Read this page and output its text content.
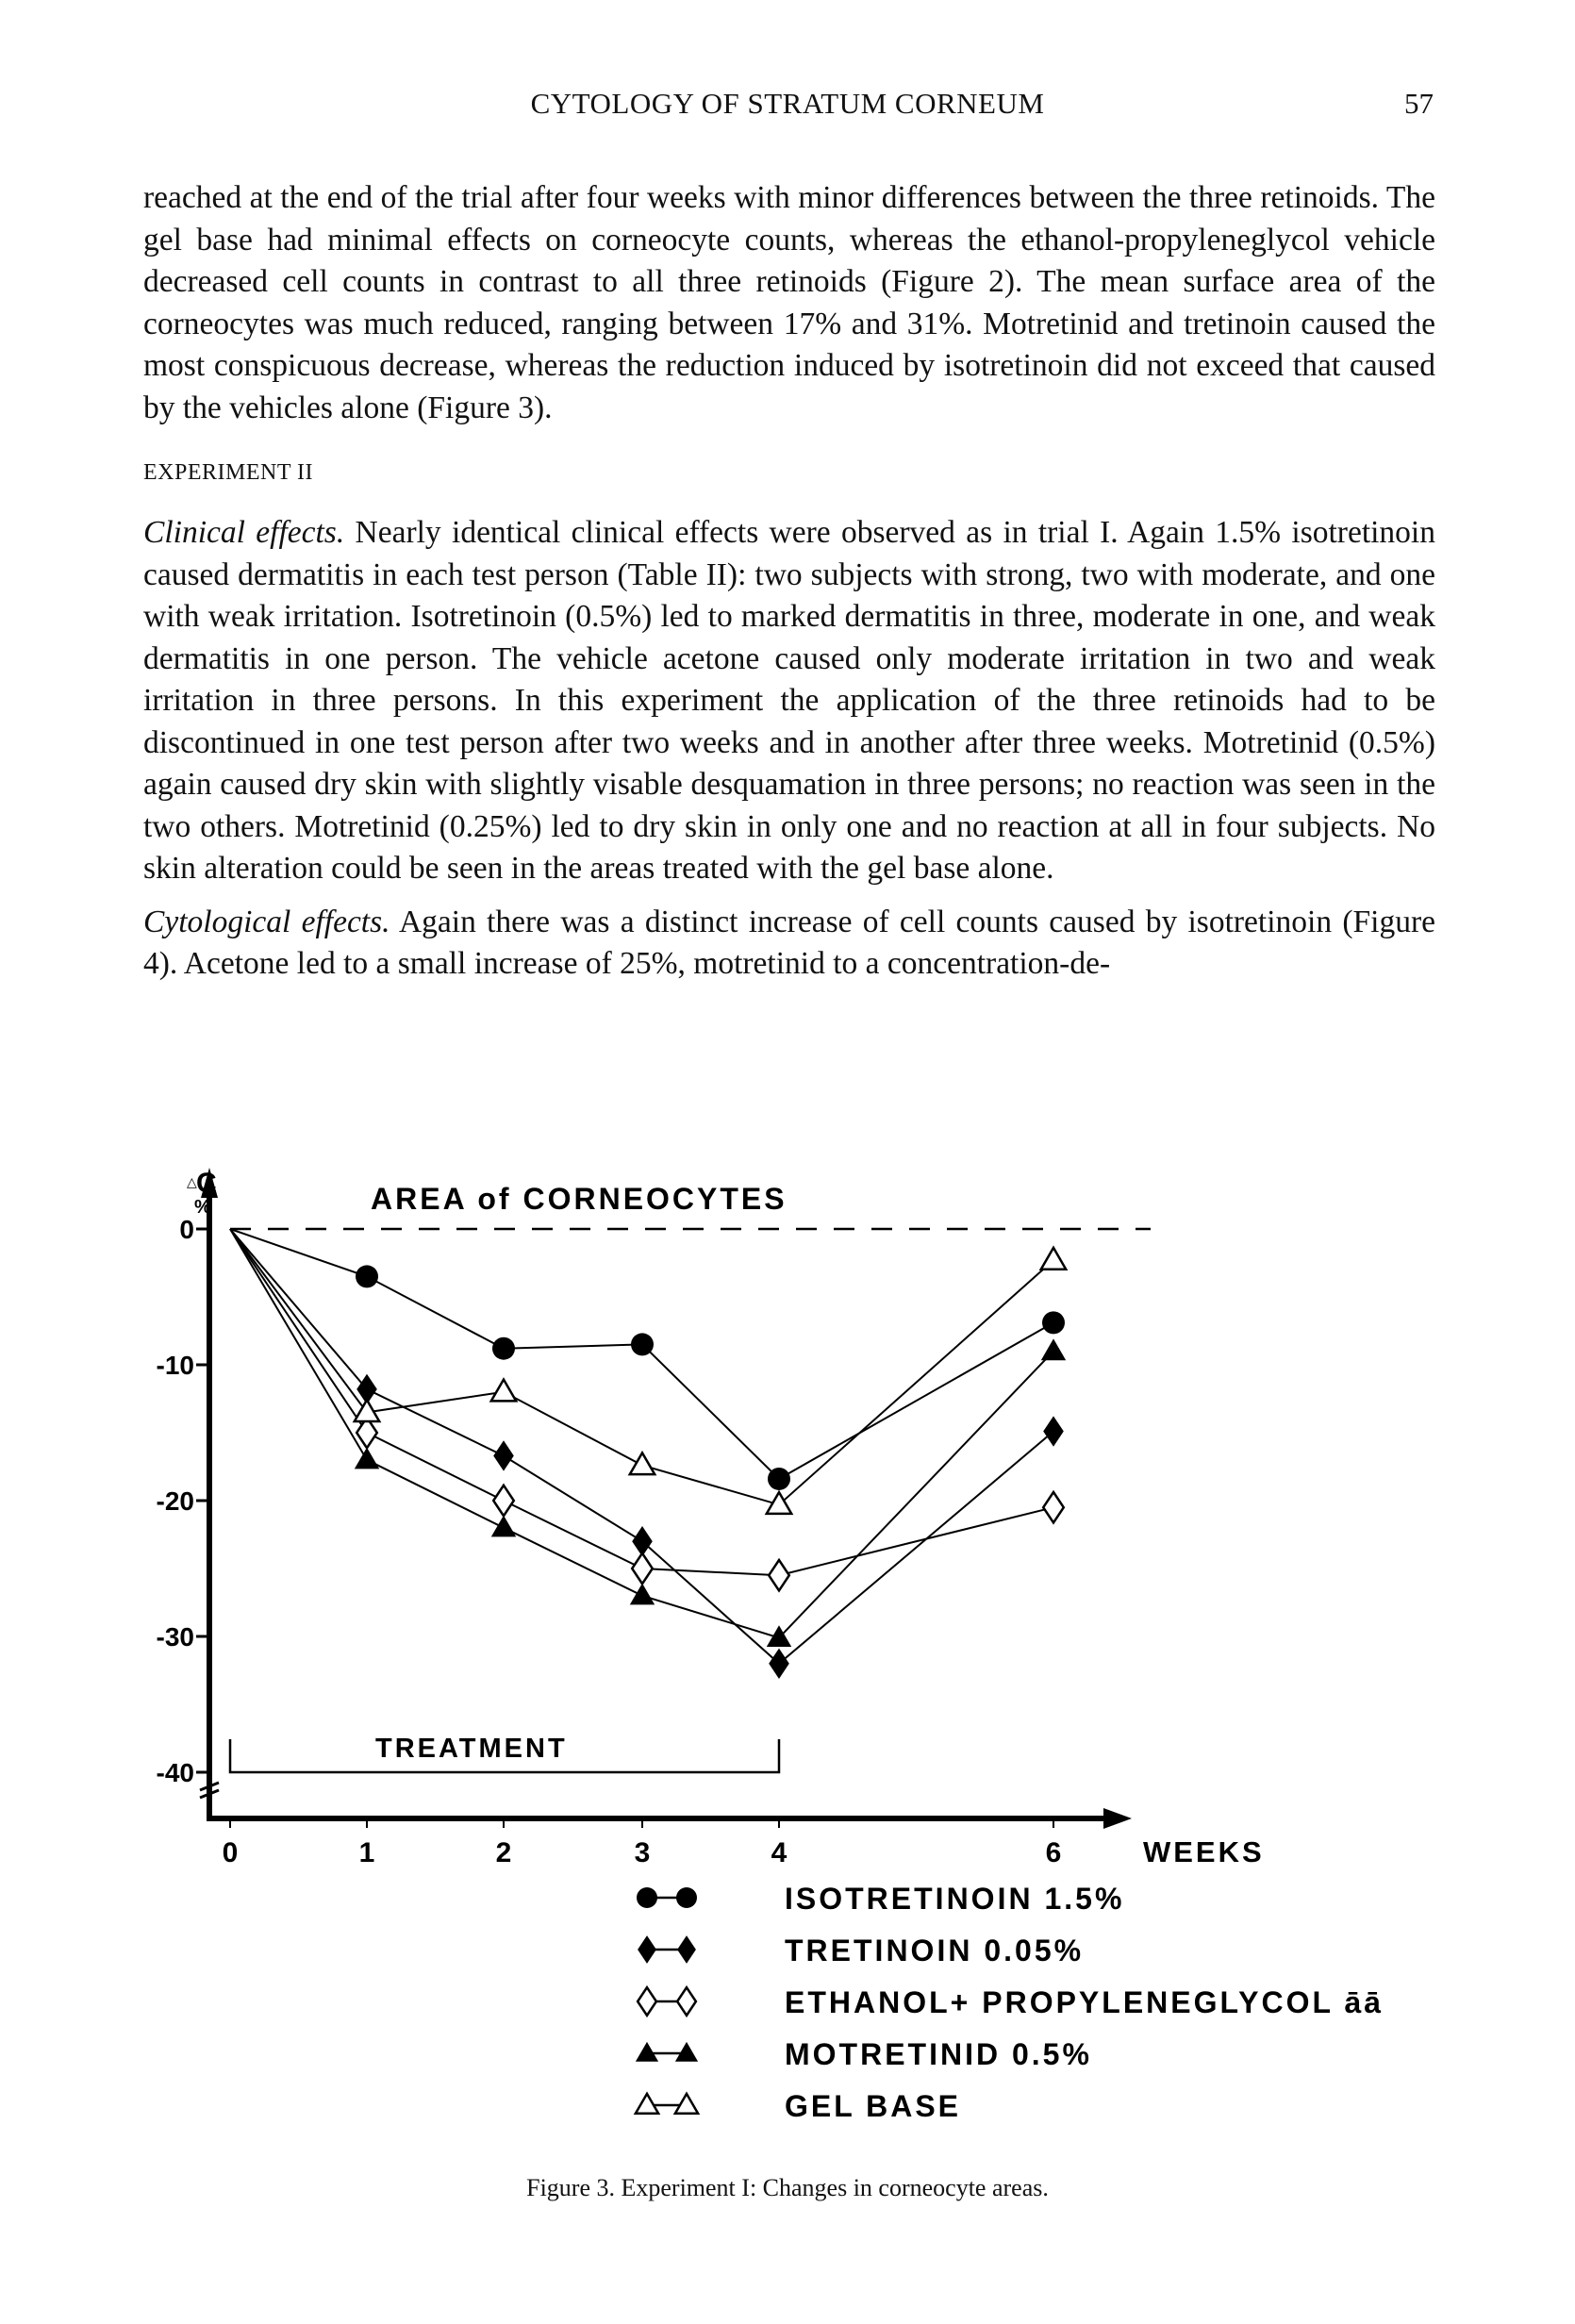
CYTOLOGY OF STRATUM CORNEUM	57

reached at the end of the trial after four weeks with minor differences between the three retinoids. The gel base had minimal effects on corneocyte counts, whereas the ethanol-propyleneglycol vehicle decreased cell counts in contrast to all three retinoids (Figure 2). The mean surface area of the corneocytes was much reduced, ranging between 17% and 31%. Motretinid and tretinoin caused the most conspicuous decrease, whereas the reduction induced by isotretinoin did not exceed that caused by the vehicles alone (Figure 3).

EXPERIMENT II

Clinical effects. Nearly identical clinical effects were observed as in trial I. Again 1.5% isotretinoin caused dermatitis in each test person (Table II): two subjects with strong, two with moderate, and one with weak irritation. Isotretinoin (0.5%) led to marked dermatitis in three, moderate in one, and weak dermatitis in one person. The vehicle acetone caused only moderate irritation in two and weak irritation in three persons. In this experiment the application of the three retinoids had to be discontinued in one test person after two weeks and in another after three weeks. Motretinid (0.5%) again caused dry skin with slightly visable desquamation in three persons; no reaction was seen in the two others. Motretinid (0.25%) led to dry skin in only one and no reaction at all in four subjects. No skin alteration could be seen in the areas treated with the gel base alone.

Cytological effects. Again there was a distinct increase of cell counts caused by isotretinoin (Figure 4). Acetone led to a small increase of 25%, motretinid to a concentration-de-

△ C
%
0
-10
-20
-30
-40
0	1	2	3	4	6	WEEKS
AREA of CORNEOCYTES
TREATMENT
ISOTRETINOIN 1.5%
TRETINOIN 0.05%
ETHANOL+ PROPYLENEGLYCOL āā
MOTRETINID 0.5%
GEL BASE
Figure 3. Experiment I: Changes in corneocyte areas.
